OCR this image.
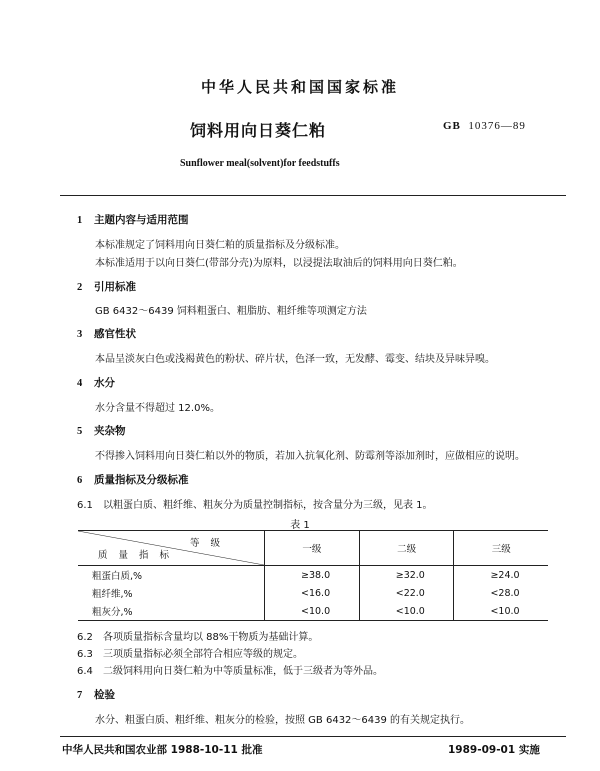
中华人民共和国国家标准
饲料用向日葵仁粕	GB 10376—89
Sunflower meal(solvent)for feedstuffs
1 主题内容与适用范围
本标准规定了饲料用向日葵仁粕的质量指标及分级标准。
本标准适用于以向日葵仁(带部分壳)为原料，以浸提法取油后的饲料用向日葵仁粕。
2 引用标准
GB 6432～6439 饲料粗蛋白、粗脂肪、粗纤维等项测定方法
3 感官性状
本品呈淡灰白色或浅褐黄色的粉状、碎片状，色泽一致，无发酵、霉变、结块及异味异嗅。
4 水分
水分含量不得超过 12.0%。
5 夹杂物
不得掺入饲料用向日葵仁粕以外的物质，若加入抗氧化剂、防霉剂等添加剂时，应做相应的说明。
6 质量指标及分级标准
6.1 以粗蛋白质、粗纤维、粗灰分为质量控制指标，按含量分为三级，见表 1。
表 1
等 级
质 量 指 标	一级	二级	三级
粗蛋白质,%	≥38.0	≥32.0	≥24.0
粗纤维,%	<16.0	<22.0	<28.0
粗灰分,%	<10.0	<10.0	<10.0
6.2 各项质量指标含量均以 88%干物质为基础计算。
6.3 三项质量指标必须全部符合相应等级的规定。
6.4 二级饲料用向日葵仁粕为中等质量标准，低于三级者为等外品。
7 检验
水分、粗蛋白质、粗纤维、粗灰分的检验，按照 GB 6432～6439 的有关规定执行。
中华人民共和国农业部 1988-10-11 批准	1989-09-01 实施
